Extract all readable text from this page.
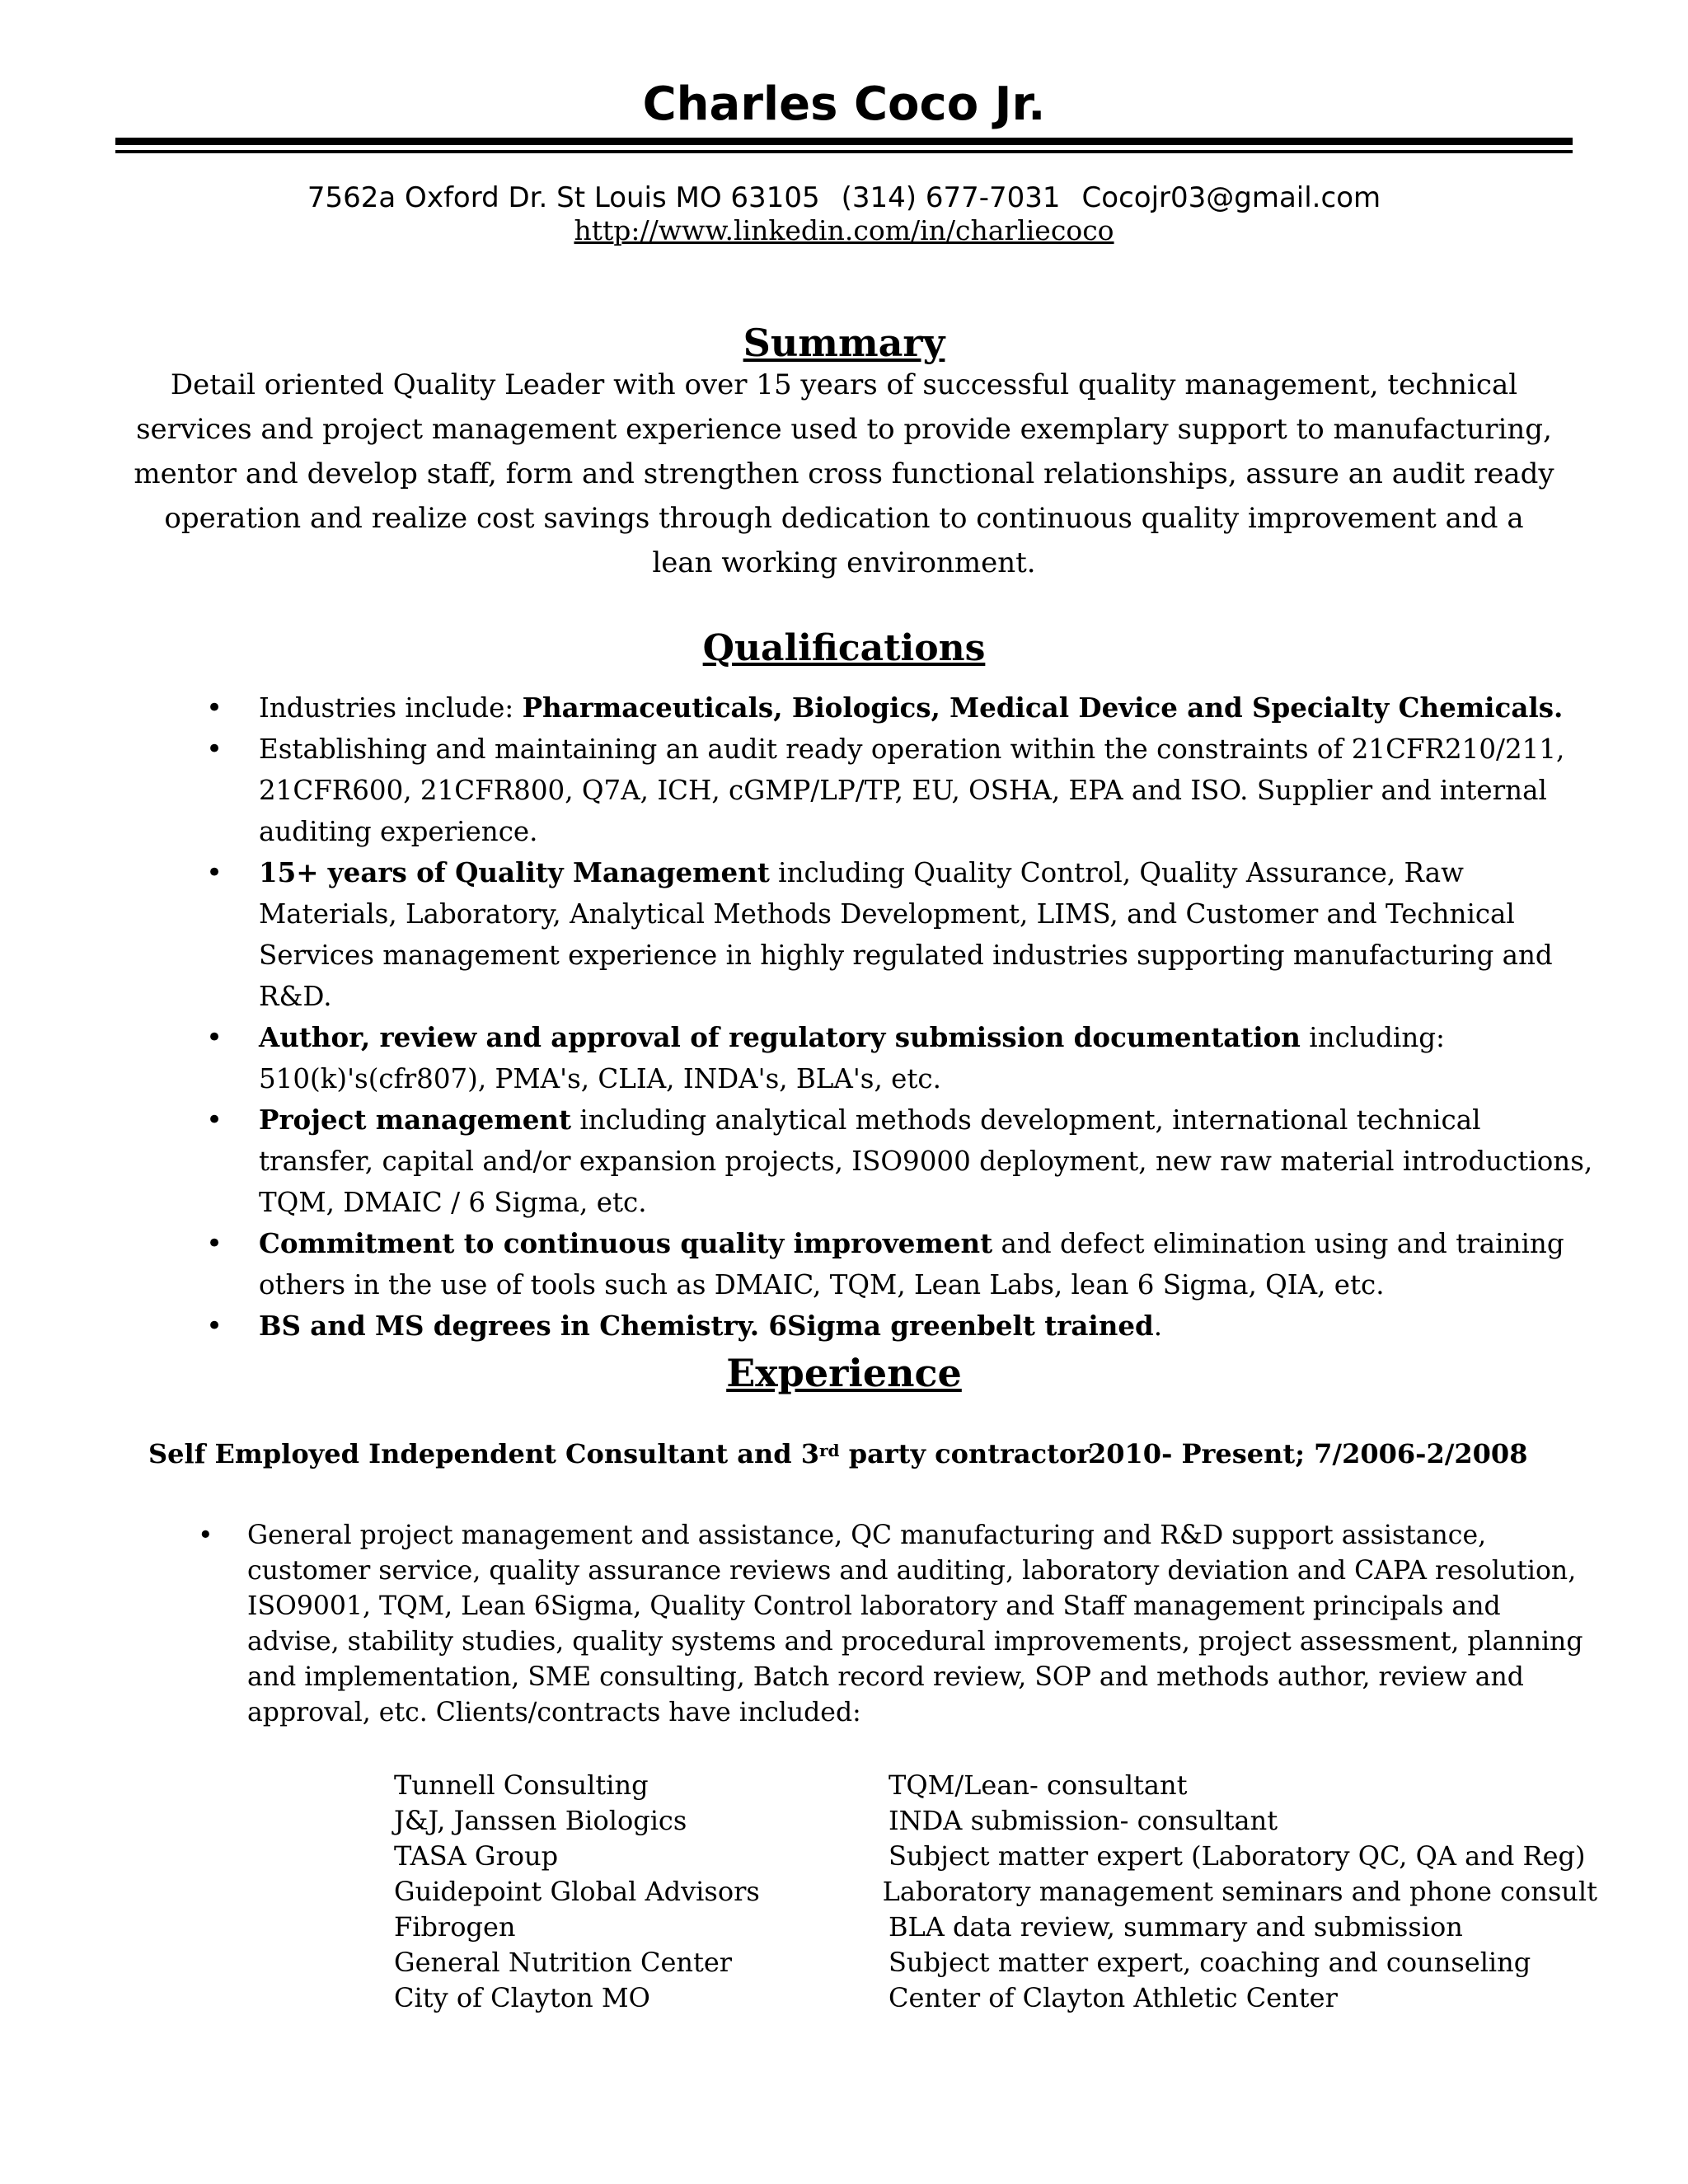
Charles Coco Jr.
7562a Oxford Dr. St Louis MO 63105 (314) 677-7031 Cocojr03@gmail.com
http://www.linkedin.com/in/charliecoco
Summary

Detail oriented Quality Leader with over 15 years of successful quality management, technical services and project management experience used to provide exemplary support to manufacturing, mentor and develop staff, form and strengthen cross functional relationships, assure an audit ready operation and realize cost savings through dedication to continuous quality improvement and a lean working environment.

Qualifications
• Industries include: Pharmaceuticals, Biologics, Medical Device and Specialty Chemicals.
• Establishing and maintaining an audit ready operation within the constraints of 21CFR210/211, 21CFR600, 21CFR800, Q7A, ICH, cGMP/LP/TP, EU, OSHA, EPA and ISO. Supplier and internal auditing experience.
• 15+ years of Quality Management including Quality Control, Quality Assurance, Raw Materials, Laboratory, Analytical Methods Development, LIMS, and Customer and Technical Services management experience in highly regulated industries supporting manufacturing and R&D.
• Author, review and approval of regulatory submission documentation including: 510(k)'s(cfr807), PMA's, CLIA, INDA's, BLA's, etc.
• Project management including analytical methods development, international technical transfer, capital and/or expansion projects, ISO9000 deployment, new raw material introductions, TQM, DMAIC / 6 Sigma, etc.
• Commitment to continuous quality improvement and defect elimination using and training others in the use of tools such as DMAIC, TQM, Lean Labs, lean 6 Sigma, QIA, etc.
• BS and MS degrees in Chemistry. 6Sigma greenbelt trained.
Experience

Self Employed Independent Consultant and 3rd party contractor

2010- Present; 7/2006-2/2008

• General project management and assistance, QC manufacturing and R&D support assistance, customer service, quality assurance reviews and auditing, laboratory deviation and CAPA resolution, ISO9001, TQM, Lean 6Sigma, Quality Control laboratory and Staff management principals and advise, stability studies, quality systems and procedural improvements, project assessment, planning and implementation, SME consulting, Batch record review, SOP and methods author, review and approval, etc. Clients/contracts have included:

Tunnell Consulting	TQM/Lean- consultant
J&J, Janssen Biologics	INDA submission- consultant
TASA Group	Subject matter expert (Laboratory QC, QA and Reg)
Guidepoint Global Advisors	Laboratory management seminars and phone consult
Fibrogen	BLA data review, summary and submission
General Nutrition Center	Subject matter expert, coaching and counseling
City of Clayton MO	Center of Clayton Athletic Center
